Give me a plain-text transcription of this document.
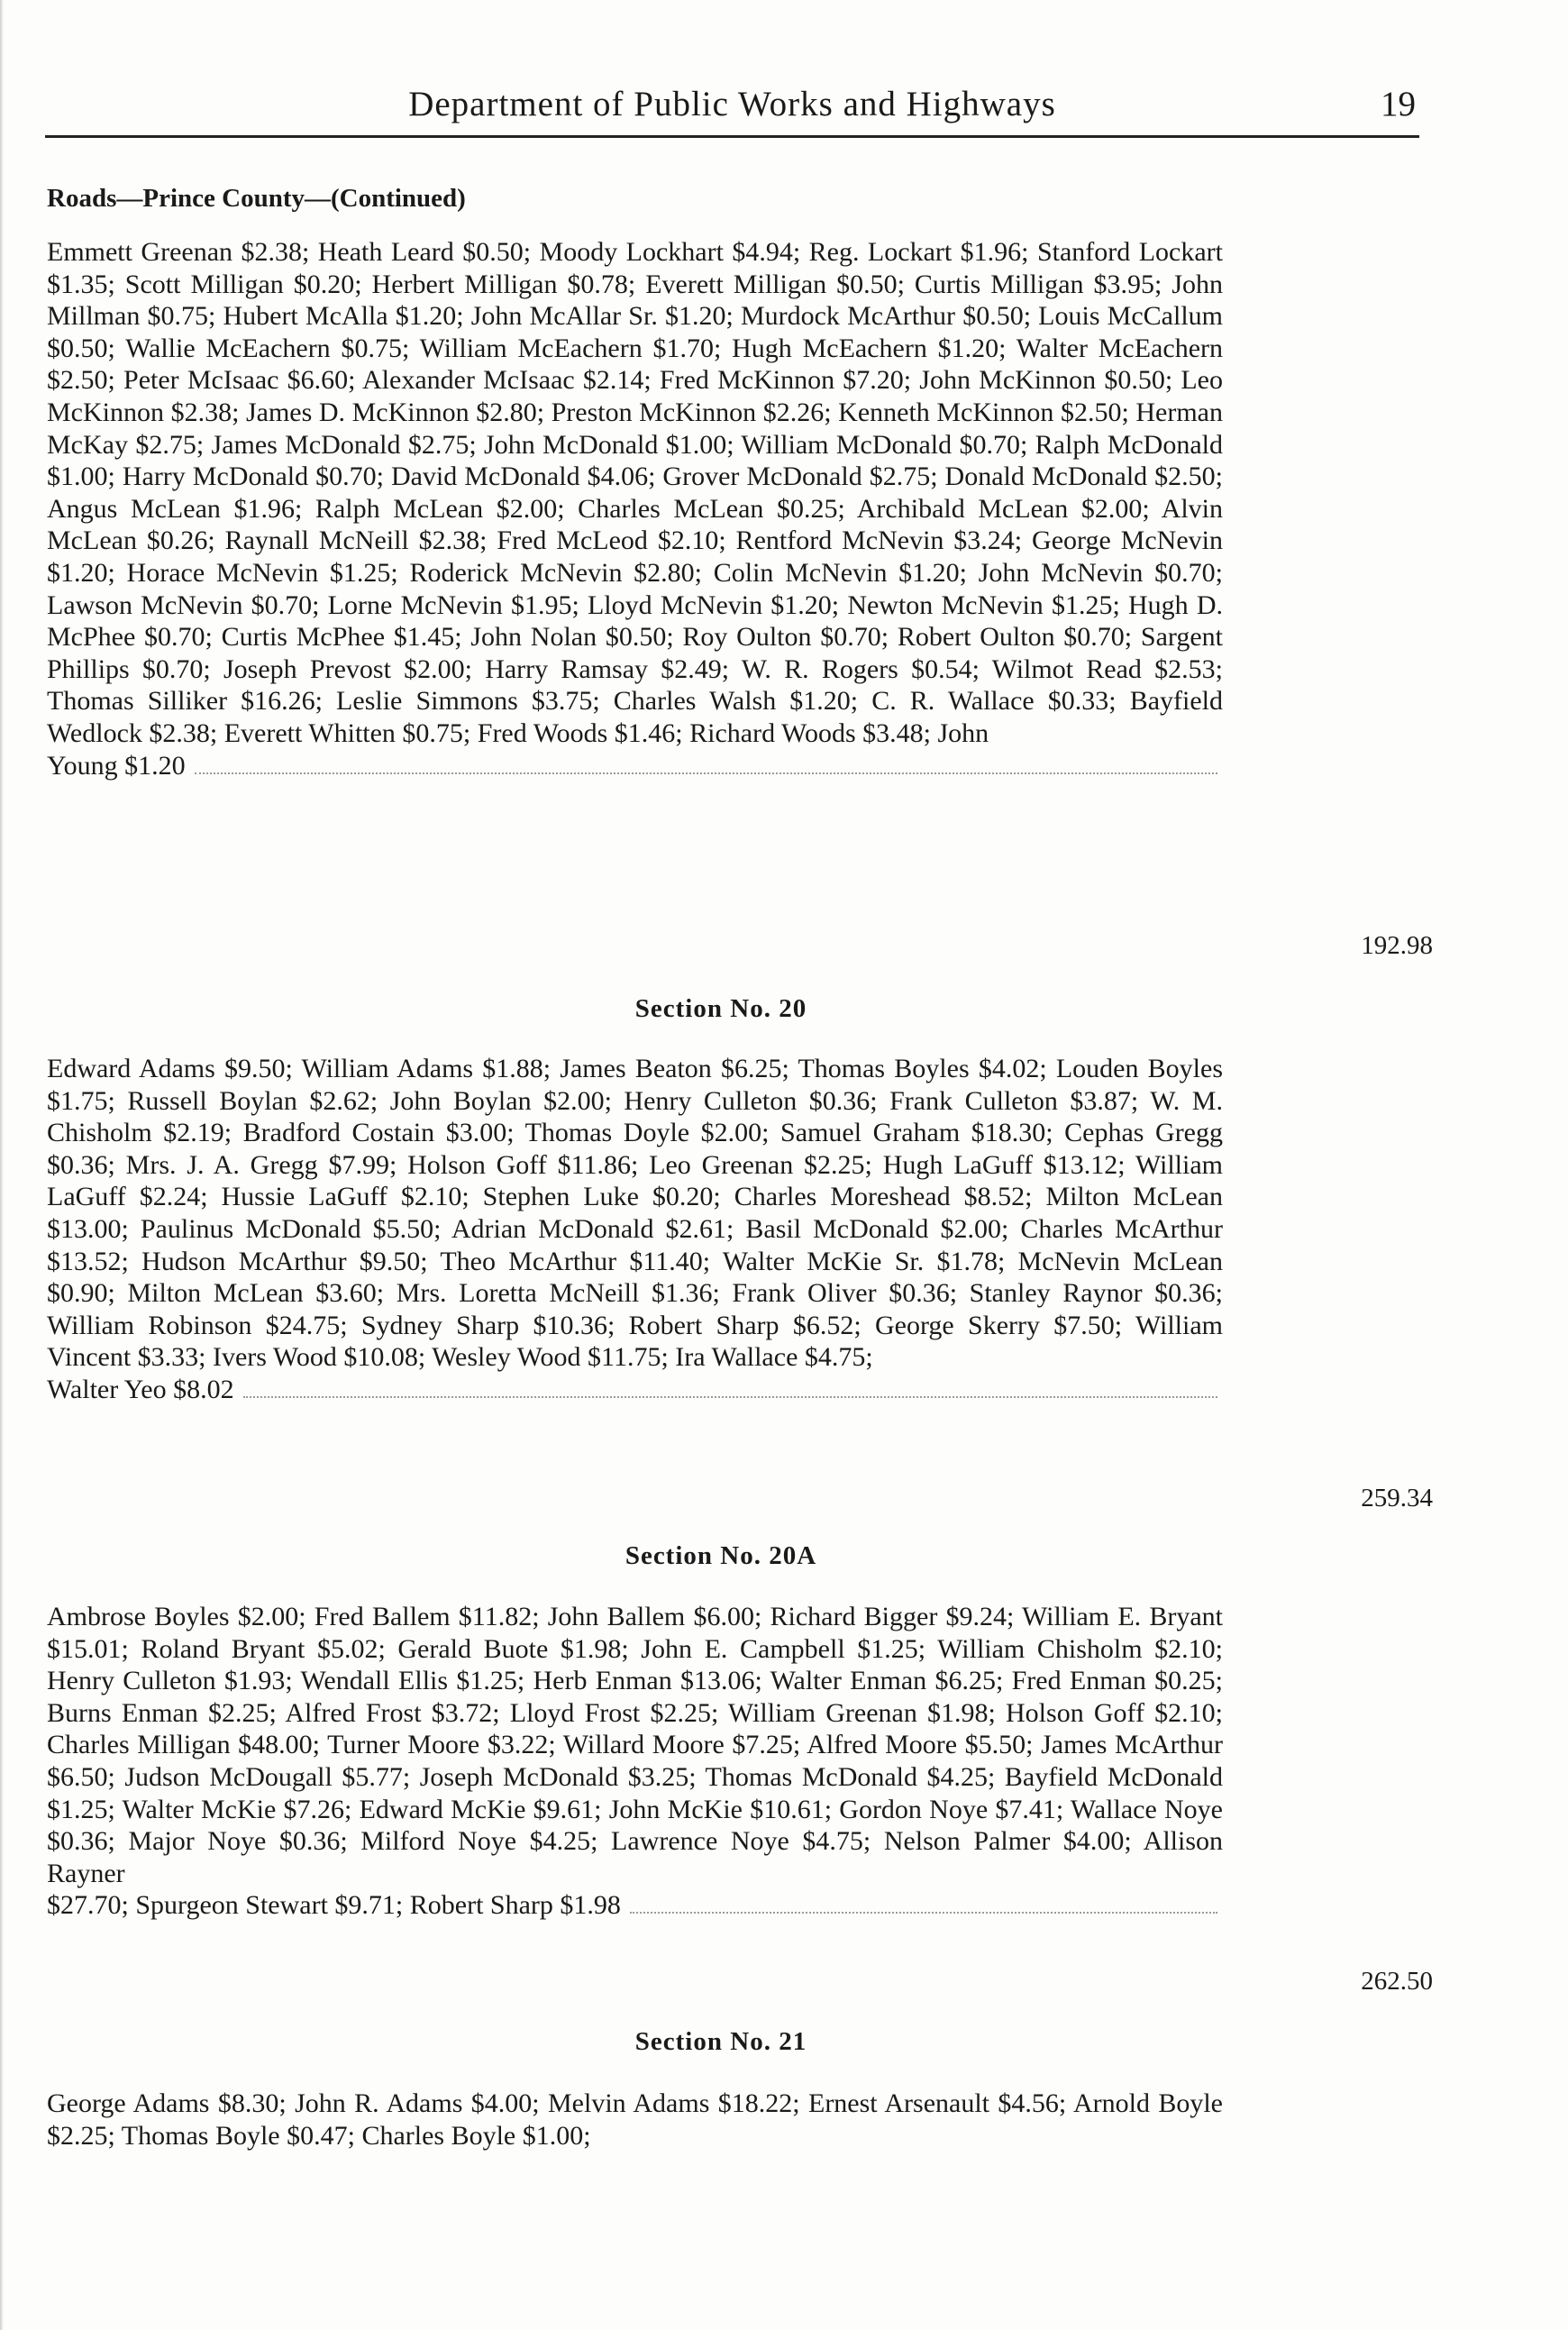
Department of Public Works and Highways	19
Roads—Prince County—(Continued)
Emmett Greenan $2.38; Heath Leard $0.50; Moody Lockhart $4.94; Reg. Lockart $1.96; Stanford Lockart $1.35; Scott Milligan $0.20; Herbert Milligan $0.78; Everett Milligan $0.50; Curtis Milligan $3.95; John Millman $0.75; Hubert McAlla $1.20; John McAllar Sr. $1.20; Murdock McArthur $0.50; Louis McCallum $0.50; Wallie McEachern $0.75; William McEachern $1.70; Hugh McEachern $1.20; Walter McEachern $2.50; Peter McIsaac $6.60; Alexander McIsaac $2.14; Fred McKinnon $7.20; John McKinnon $0.50; Leo McKinnon $2.38; James D. McKinnon $2.80; Preston McKinnon $2.26; Kenneth McKinnon $2.50; Herman McKay $2.75; James McDonald $2.75; John McDonald $1.00; William McDonald $0.70; Ralph McDonald $1.00; Harry McDonald $0.70; David McDonald $4.06; Grover McDonald $2.75; Donald McDonald $2.50; Angus McLean $1.96; Ralph McLean $2.00; Charles McLean $0.25; Archibald McLean $2.00; Alvin McLean $0.26; Raynall McNeill $2.38; Fred McLeod $2.10; Rentford McNevin $3.24; George McNevin $1.20; Horace McNevin $1.25; Roderick McNevin $2.80; Colin McNevin $1.20; John McNevin $0.70; Lawson McNevin $0.70; Lorne McNevin $1.95; Lloyd McNevin $1.20; Newton McNevin $1.25; Hugh D. McPhee $0.70; Curtis McPhee $1.45; John Nolan $0.50; Roy Oulton $0.70; Robert Oulton $0.70; Sargent Phillips $0.70; Joseph Prevost $2.00; Harry Ramsay $2.49; W. R. Rogers $0.54; Wilmot Read $2.53; Thomas Silliker $16.26; Leslie Simmons $3.75; Charles Walsh $1.20; C. R. Wallace $0.33; Bayfield Wedlock $2.38; Everett Whitten $0.75; Fred Woods $1.46; Richard Woods $3.48; John
Young $1.20
192.98
Section No. 20
Edward Adams $9.50; William Adams $1.88; James Beaton $6.25; Thomas Boyles $4.02; Louden Boyles $1.75; Russell Boylan $2.62; John Boylan $2.00; Henry Culleton $0.36; Frank Culleton $3.87; W. M. Chisholm $2.19; Bradford Costain $3.00; Thomas Doyle $2.00; Samuel Graham $18.30; Cephas Gregg $0.36; Mrs. J. A. Gregg $7.99; Holson Goff $11.86; Leo Greenan $2.25; Hugh LaGuff $13.12; William LaGuff $2.24; Hussie LaGuff $2.10; Stephen Luke $0.20; Charles Moreshead $8.52; Milton McLean $13.00; Paulinus McDonald $5.50; Adrian McDonald $2.61; Basil McDonald $2.00; Charles McArthur $13.52; Hudson McArthur $9.50; Theo McArthur $11.40; Walter McKie Sr. $1.78; McNevin McLean $0.90; Milton McLean $3.60; Mrs. Loretta McNeill $1.36; Frank Oliver $0.36; Stanley Raynor $0.36; William Robinson $24.75; Sydney Sharp $10.36; Robert Sharp $6.52; George Skerry $7.50; William Vincent $3.33; Ivers Wood $10.08; Wesley Wood $11.75; Ira Wallace $4.75;
Walter Yeo $8.02
259.34
Section No. 20A
Ambrose Boyles $2.00; Fred Ballem $11.82; John Ballem $6.00; Richard Bigger $9.24; William E. Bryant $15.01; Roland Bryant $5.02; Gerald Buote $1.98; John E. Campbell $1.25; William Chisholm $2.10; Henry Culleton $1.93; Wendall Ellis $1.25; Herb Enman $13.06; Walter Enman $6.25; Fred Enman $0.25; Burns Enman $2.25; Alfred Frost $3.72; Lloyd Frost $2.25; William Greenan $1.98; Holson Goff $2.10; Charles Milligan $48.00; Turner Moore $3.22; Willard Moore $7.25; Alfred Moore $5.50; James McArthur $6.50; Judson McDougall $5.77; Joseph McDonald $3.25; Thomas McDonald $4.25; Bayfield McDonald $1.25; Walter McKie $7.26; Edward McKie $9.61; John McKie $10.61; Gordon Noye $7.41; Wallace Noye $0.36; Major Noye $0.36; Milford Noye $4.25; Lawrence Noye $4.75; Nelson Palmer $4.00; Allison Rayner
$27.70; Spurgeon Stewart $9.71; Robert Sharp $1.98
262.50
Section No. 21
George Adams $8.30; John R. Adams $4.00; Melvin Adams $18.22; Ernest Arsenault $4.56; Arnold Boyle $2.25; Thomas Boyle $0.47; Charles Boyle $1.00;
